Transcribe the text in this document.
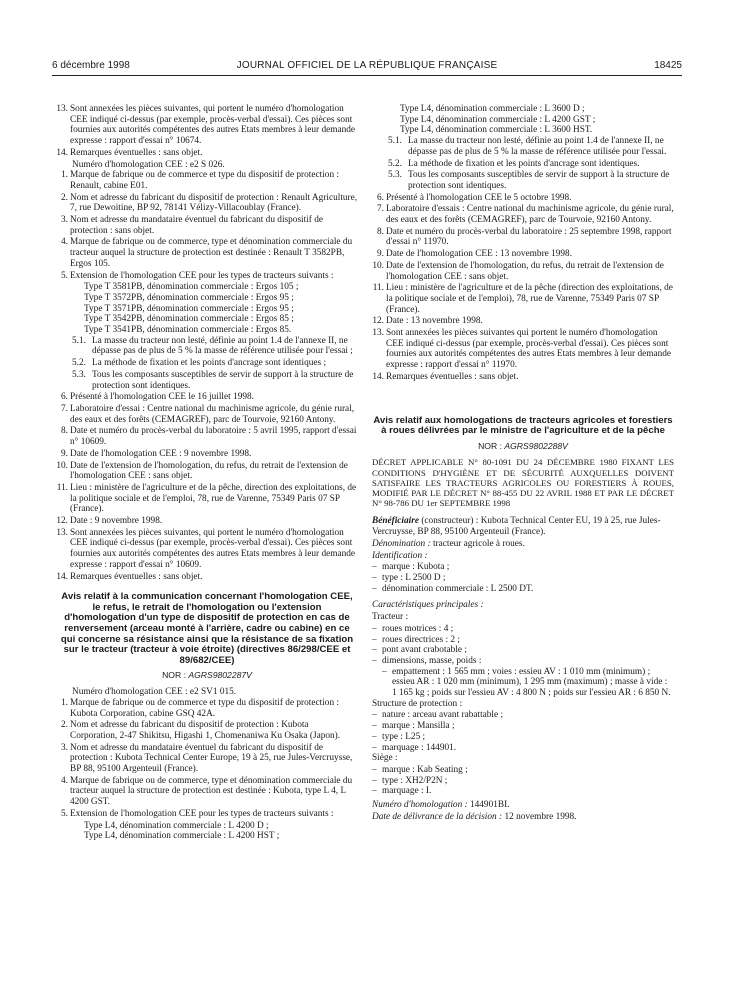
6 décembre 1998	JOURNAL OFFICIEL DE LA RÉPUBLIQUE FRANÇAISE	18425
13. Sont annexées les pièces suivantes, qui portent le numéro d'homologation CEE indiqué ci-dessus (par exemple, procès-verbal d'essai). Ces pièces sont fournies aux autorités compétentes des autres Etats membres à leur demande expresse : rapport d'essai n° 10674.
14. Remarques éventuelles : sans objet.
Numéro d'homologation CEE : e2 S 026.
1. Marque de fabrique ou de commerce et type du dispositif de protection : Renault, cabine E01.
2. Nom et adresse du fabricant du dispositif de protection : Renault Agriculture, 7, rue Dewoitine, BP 92, 78141 Vélizy-Villacoublay (France).
3. Nom et adresse du mandataire éventuel du fabricant du dispositif de protection : sans objet.
4. Marque de fabrique ou de commerce, type et dénomination commerciale du tracteur auquel la structure de protection est destinée : Renault T 3582PB, Ergos 105.
5. Extension de l'homologation CEE pour les types de tracteurs suivants :
Type T 3581PB, dénomination commerciale : Ergos 105 ;
Type T 3572PB, dénomination commerciale : Ergos 95 ;
Type T 3571PB, dénomination commerciale : Ergos 95 ;
Type T 3542PB, dénomination commerciale : Ergos 85 ;
Type T 3541PB, dénomination commerciale : Ergos 85.
5.1. La masse du tracteur non lesté, définie au point 1.4 de l'annexe II, ne dépasse pas de plus de 5 % la masse de référence utilisée pour l'essai ;
5.2. La méthode de fixation et les points d'ancrage sont identiques ;
5.3. Tous les composants susceptibles de servir de support à la structure de protection sont identiques.
6. Présenté à l'homologation CEE le 16 juillet 1998.
7. Laboratoire d'essai : Centre national du machinisme agricole, du génie rural, des eaux et des forêts (CEMAGREF), parc de Tourvoie, 92160 Antony.
8. Date et numéro du procès-verbal du laboratoire : 5 avril 1995, rapport d'essai n° 10609.
9. Date de l'homologation CEE : 9 novembre 1998.
10. Date de l'extension de l'homologation, du refus, du retrait de l'extension de l'homologation CEE : sans objet.
11. Lieu : ministère de l'agriculture et de la pêche, direction des exploitations, de la politique sociale et de l'emploi, 78, rue de Varenne, 75349 Paris 07 SP (France).
12. Date : 9 novembre 1998.
13. Sont annexées les pièces suivantes, qui portent le numéro d'homologation CEE indiqué ci-dessus (par exemple, procès-verbal d'essai). Ces pièces sont fournies aux autorités compétentes des autres Etats membres à leur demande expresse : rapport d'essai n° 10609.
14. Remarques éventuelles : sans objet.
Avis relatif à la communication concernant l'homologation CEE, le refus, le retrait de l'homologation ou l'extension d'homologation d'un type de dispositif de protection en cas de renversement (arceau monté à l'arrière, cadre ou cabine) en ce qui concerne sa résistance ainsi que la résistance de sa fixation sur le tracteur (tracteur à voie étroite) (directives 86/298/CEE et 89/682/CEE)
NOR : AGRS9802287V
Numéro d'homologation CEE : e2 SV1 015.
1. Marque de fabrique ou de commerce et type du dispositif de protection : Kubota Corporation, cabine GSQ 42A.
2. Nom et adresse du fabricant du dispositif de protection : Kubota Corporation, 2-47 Shikitsu, Higashi 1, Chomenaniwa Ku Osaka (Japon).
3. Nom et adresse du mandataire éventuel du fabricant du dispositif de protection : Kubota Technical Center Europe, 19 à 25, rue Jules-Vercruysse, BP 88, 95100 Argenteuil (France).
4. Marque de fabrique ou de commerce, type et dénomination commerciale du tracteur auquel la structure de protection est destinée : Kubota, type L 4, L 4200 GST.
5. Extension de l'homologation CEE pour les types de tracteurs suivants :
Type L4, dénomination commerciale : L 4200 D ;
Type L4, dénomination commerciale : L 4200 HST ;
Type L4, dénomination commerciale : L 3600 D ;
Type L4, dénomination commerciale : L 4200 GST ;
Type L4, dénomination commerciale : L 3600 HST.
5.1. La masse du tracteur non lesté, définie au point 1.4 de l'annexe II, ne dépasse pas de plus de 5 % la masse de référence utilisée pour l'essai.
5.2. La méthode de fixation et les points d'ancrage sont identiques.
5.3. Tous les composants susceptibles de servir de support à la structure de protection sont identiques.
6. Présenté à l'homologation CEE le 5 octobre 1998.
7. Laboratoire d'essais : Centre national du machinisme agricole, du génie rural, des eaux et des forêts (CEMAGREF), parc de Tourvoie, 92160 Antony.
8. Date et numéro du procès-verbal du laboratoire : 25 septembre 1998, rapport d'essai n° 11970.
9. Date de l'homologation CEE : 13 novembre 1998.
10. Date de l'extension de l'homologation, du refus, du retrait de l'extension de l'homologation CEE : sans objet.
11. Lieu : ministère de l'agriculture et de la pêche (direction des exploitations, de la politique sociale et de l'emploi), 78, rue de Varenne, 75349 Paris 07 SP (France).
12. Date : 13 novembre 1998.
13. Sont annexées les pièces suivantes qui portent le numéro d'homologation CEE indiqué ci-dessus (par exemple, procès-verbal d'essai). Ces pièces sont fournies aux autorités compétentes des autres Etats membres à leur demande expresse : rapport d'essai n° 11970.
14. Remarques éventuelles : sans objet.
Avis relatif aux homologations de tracteurs agricoles et forestiers à roues délivrées par le ministre de l'agriculture et de la pêche
NOR : AGRS9802288V
DÉCRET APPLICABLE N° 80-1091 DU 24 DÉCEMBRE 1980 FIXANT LES CONDITIONS D'HYGIÈNE ET DE SÉCURITÉ AUXQUELLES DOIVENT SATISFAIRE LES TRACTEURS AGRICOLES OU FORESTIERS À ROUES, MODIFIÉ PAR LE DÉCRET N° 88-455 DU 22 AVRIL 1988 ET PAR LE DÉCRET N° 98-786 DU 1er SEPTEMBRE 1998
Bénéficiaire (constructeur) : Kubota Technical Center EU, 19 à 25, rue Jules-Vercruysse, BP 88, 95100 Argenteuil (France).
Dénomination : tracteur agricole à roues.
Identification :
– marque : Kubota ;
– type : L 2500 D ;
– dénomination commerciale : L 2500 DT.
Caractéristiques principales :
Tracteur :
– roues motrices : 4 ;
– roues directrices : 2 ;
– pont avant crabotable ;
– dimensions, masse, poids :
– empattement : 1 565 mm ; voies : essieu AV : 1 010 mm (minimum) ; essieu AR : 1 020 mm (minimum), 1 295 mm (maximum) ; masse à vide : 1 165 kg ; poids sur l'essieu AV : 4 800 N ; poids sur l'essieu AR : 6 850 N.
Structure de protection :
– nature : arceau avant rabattable ;
– marque : Mansilla ;
– type : L25 ;
– marquage : 144901.
Siège :
– marque : Kab Seating ;
– type : XH2/P2N ;
– marquage : I.
Numéro d'homologation : 144901BI.
Date de délivrance de la décision : 12 novembre 1998.
